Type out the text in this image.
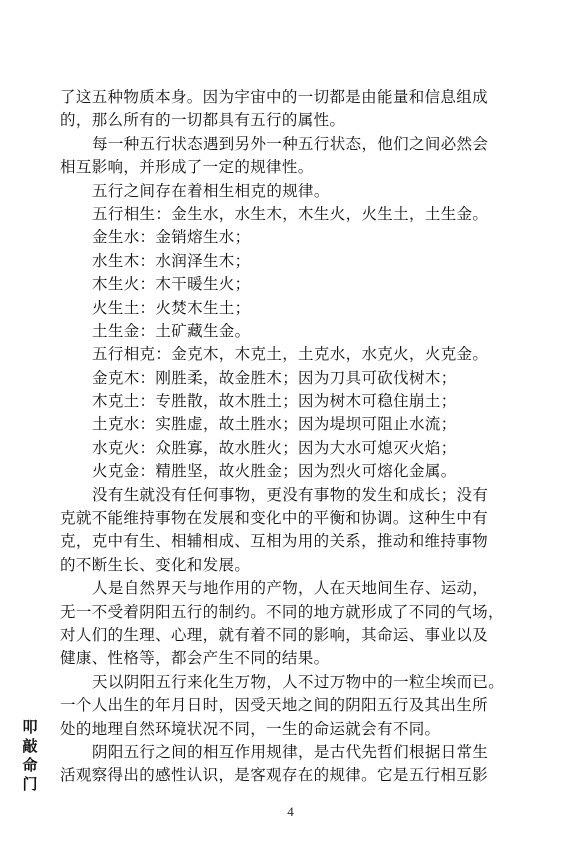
了这五种物质本身。因为宇宙中的一切都是由能量和信息组成
的，那么所有的一切都具有五行的属性。
每一种五行状态遇到另外一种五行状态，他们之间必然会
相互影响，并形成了一定的规律性。
五行之间存在着相生相克的规律。
五行相生：金生水，水生木，木生火，火生土，土生金。
金生水：金销熔生水；
水生木：水润泽生木；
木生火：木干暖生火；
火生土：火焚木生土；
土生金：土矿藏生金。
五行相克：金克木，木克土，土克水，水克火，火克金。
金克木：刚胜柔，故金胜木；因为刀具可砍伐树木；
木克土：专胜散，故木胜土；因为树木可稳住崩土；
土克水：实胜虚，故土胜水；因为堤坝可阻止水流；
水克火：众胜寡，故水胜火；因为大水可熄灭火焰；
火克金：精胜坚，故火胜金；因为烈火可熔化金属。
没有生就没有任何事物，更没有事物的发生和成长；没有
克就不能维持事物在发展和变化中的平衡和协调。这种生中有
克，克中有生、相辅相成、互相为用的关系，推动和维持事物
的不断生长、变化和发展。
人是自然界天与地作用的产物，人在天地间生存、运动，
无一不受着阴阳五行的制约。不同的地方就形成了不同的气场，
对人们的生理、心理，就有着不同的影响，其命运、事业以及
健康、性格等，都会产生不同的结果。
天以阴阳五行来化生万物，人不过万物中的一粒尘埃而已。
一个人出生的年月日时，因受天地之间的阴阳五行及其出生所
处的地理自然环境状况不同，一生的命运就会有不同。
阴阳五行之间的相互作用规律，是古代先哲们根据日常生
活观察得出的感性认识，是客观存在的规律。它是五行相互影
叩
敲
命
门
4
